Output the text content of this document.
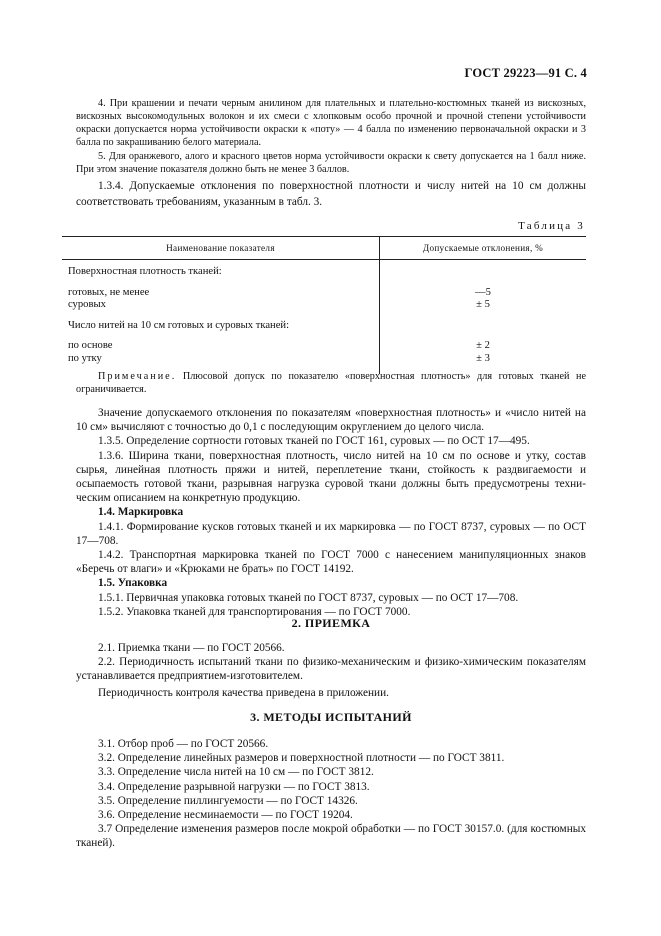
ГОСТ 29223—91 С. 4

4. При крашении и печати черным анилином для плательных и плательно-костюмных тканей из вискозных, вискозных высокомодульных волокон и их смеси с хлопковым особо прочной и прочной степени устойчивости окраски допускается норма устойчивости окраски к «поту» — 4 балла по изменению первоначальной окраски и 3 балла по закрашиванию белого материала.

5. Для оранжевого, алого и красного цветов норма устойчивости окраски к свету допускается на 1 балл ниже. При этом значение показателя должно быть не менее 3 баллов.

1.3.4. Допускаемые отклонения по поверхностной плотности и числу нитей на 10 см должны соответствовать требованиям, указанным в табл. 3.

Таблица 3
Наименование показателя	Допускаемые отклонения, %
Поверхностная плотность тканей:	
готовых, не менее	—5
суровых	± 5
Число нитей на 10 см готовых и суровых тканей:	
по основе	± 2
по утку	± 3

Примечание. Плюсовой допуск по показателю «поверхностная плотность» для готовых тканей не ограничивается.

Значение допускаемого отклонения по показателям «поверхностная плотность» и «число нитей на 10 см» вычисляют с точностью до 0,1 с последующим округлением до целого числа.

1.3.5. Определение сортности готовых тканей по ГОСТ 161, суровых — по ОСТ 17—495.

1.3.6. Ширина ткани, поверхностная плотность, число нитей на 10 см по основе и утку, состав сырья, линейная плотность пряжи и нитей, переплетение ткани, стойкость к раздвигаемости и осыпаемость готовой ткани, разрывная нагрузка суровой ткани должны быть предусмотрены техническим описанием на конкретную продукцию.

1.4. Маркировка

1.4.1. Формирование кусков готовых тканей и их маркировка — по ГОСТ 8737, суровых — по ОСТ 17—708.

1.4.2. Транспортная маркировка тканей по ГОСТ 7000 с нанесением манипуляционных знаков «Беречь от влаги» и «Крюками не брать» по ГОСТ 14192.

1.5. Упаковка

1.5.1. Первичная упаковка готовых тканей по ГОСТ 8737, суровых — по ОСТ 17—708.

1.5.2. Упаковка тканей для транспортирования — по ГОСТ 7000.

2. ПРИЕМКА

2.1. Приемка ткани — по ГОСТ 20566.

2.2. Периодичность испытаний ткани по физико-механическим и физико-химическим показателям устанавливается предприятием-изготовителем.

Периодичность контроля качества приведена в приложении.

3. МЕТОДЫ ИСПЫТАНИЙ

3.1. Отбор проб — по ГОСТ 20566.

3.2. Определение линейных размеров и поверхностной плотности — по ГОСТ 3811.

3.3. Определение числа нитей на 10 см — по ГОСТ 3812.

3.4. Определение разрывной нагрузки — по ГОСТ 3813.

3.5. Определение пиллингуемости — по ГОСТ 14326.

3.6. Определение несминаемости — по ГОСТ 19204.

3.7 Определение изменения размеров после мокрой обработки — по ГОСТ 30157.0. (для костюмных тканей).
